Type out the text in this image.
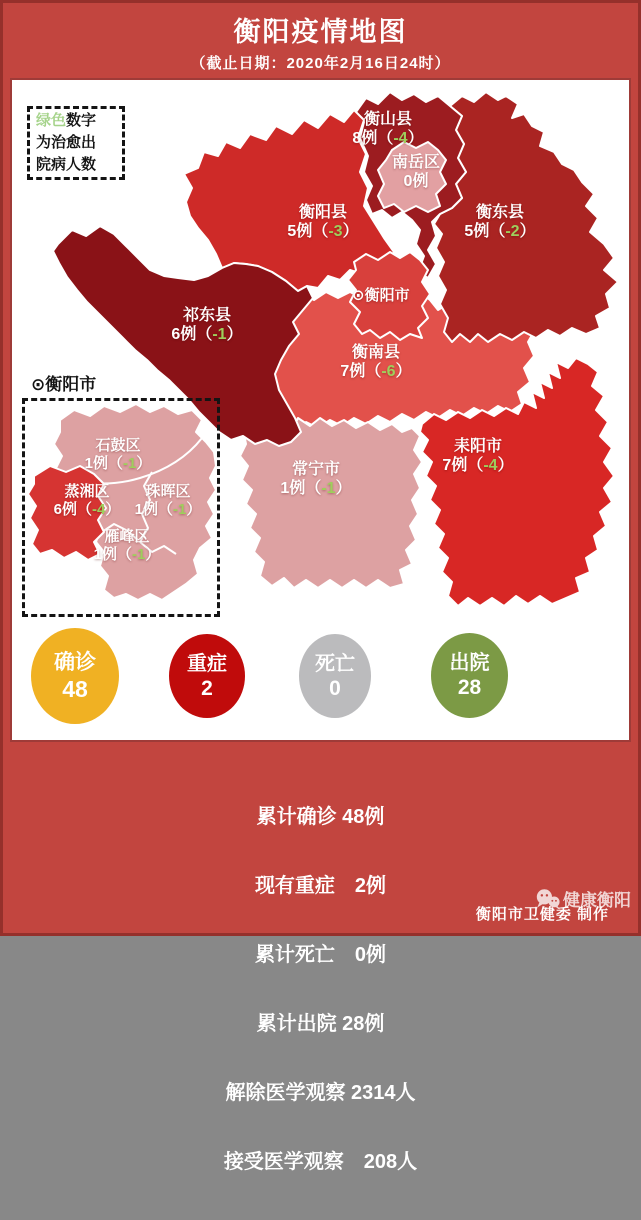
衡阳疫情地图
（截止日期：2020年2月16日24时）
绿色数字
为治愈出
院病人数
衡山县
8例（-4）
南岳区
0例
衡阳县
5例（-3）
衡东县
5例（-2）
祁东县
6例（-1）
衡南县
7例（-6）
耒阳市
7例（-4）
常宁市
1例（-1）
⊙衡阳市
⊙衡阳市
石鼓区
1例（-1）
蒸湘区
6例（-4）
珠晖区
1例（-1）
雁峰区
1例（-1）
确诊
48
重症
2
死亡
0
出院
28

累计确诊 48例

现有重症　2例

累计死亡　0例

累计出院 28例

解除医学观察 2314人

接受医学观察　208人

健康衡阳
衡阳市卫健委 制作
